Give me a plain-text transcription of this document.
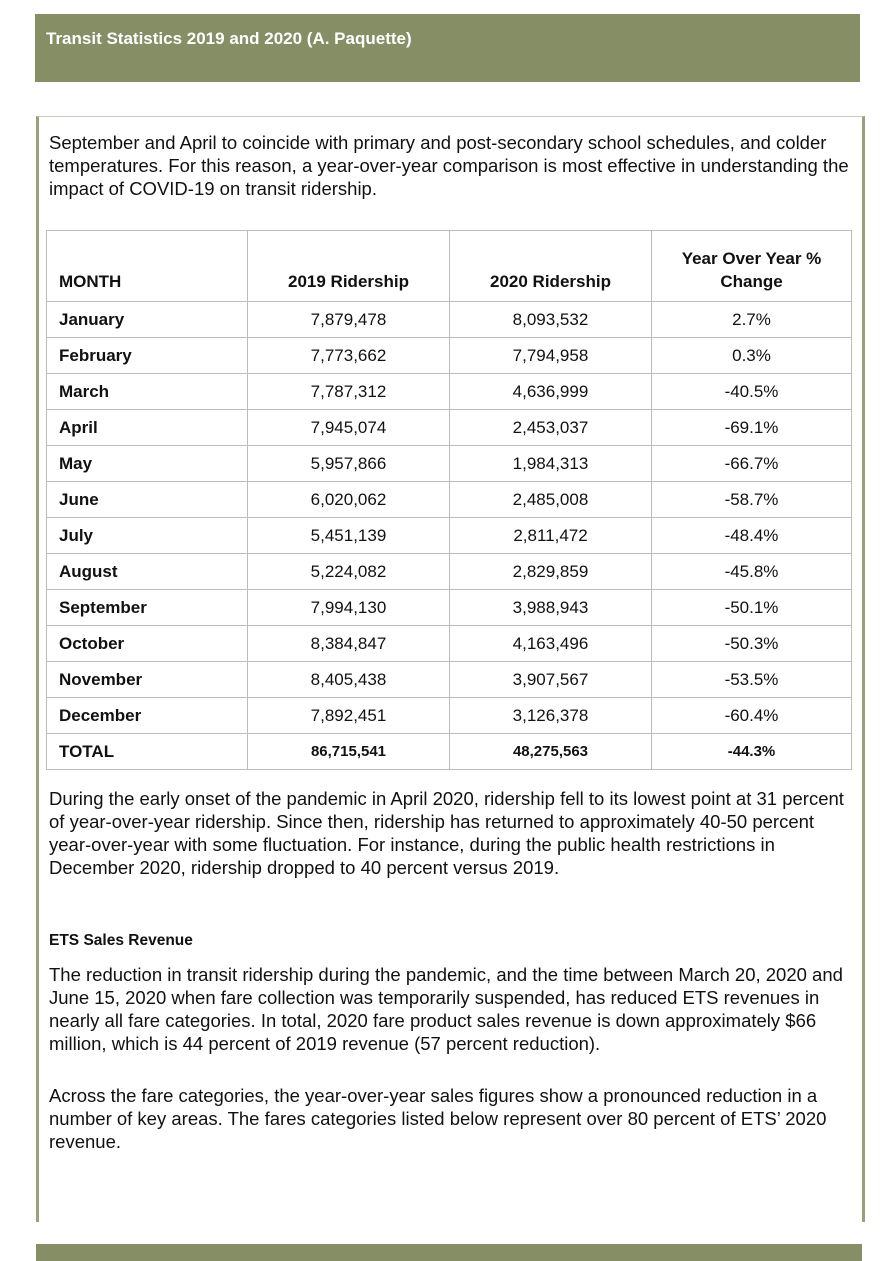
Transit Statistics 2019 and 2020 (A. Paquette)

September and April to coincide with primary and post-secondary school schedules, and colder temperatures. For this reason, a year-over-year comparison is most effective in understanding the impact of COVID-19 on transit ridership.

MONTH	2019 Ridership	2020 Ridership	Year Over Year %
Change
January	7,879,478	8,093,532	2.7%
February	7,773,662	7,794,958	0.3%
March	7,787,312	4,636,999	-40.5%
April	7,945,074	2,453,037	-69.1%
May	5,957,866	1,984,313	-66.7%
June	6,020,062	2,485,008	-58.7%
July	5,451,139	2,811,472	-48.4%
August	5,224,082	2,829,859	-45.8%
September	7,994,130	3,988,943	-50.1%
October	8,384,847	4,163,496	-50.3%
November	8,405,438	3,907,567	-53.5%
December	7,892,451	3,126,378	-60.4%
TOTAL	86,715,541	48,275,563	-44.3%

During the early onset of the pandemic in April 2020, ridership fell to its lowest point at 31 percent of year-over-year ridership. Since then, ridership has returned to approximately 40-50 percent year-over-year with some fluctuation. For instance, during the public health restrictions in December 2020, ridership dropped to 40 percent versus 2019.

ETS Sales Revenue

The reduction in transit ridership during the pandemic, and the time between March 20, 2020 and June 15, 2020 when fare collection was temporarily suspended, has reduced ETS revenues in nearly all fare categories. In total, 2020 fare product sales revenue is down approximately $66 million, which is 44 percent of 2019 revenue (57 percent reduction).

Across the fare categories, the year-over-year sales figures show a pronounced reduction in a number of key areas. The fares categories listed below represent over 80 percent of ETS’ 2020 revenue.
